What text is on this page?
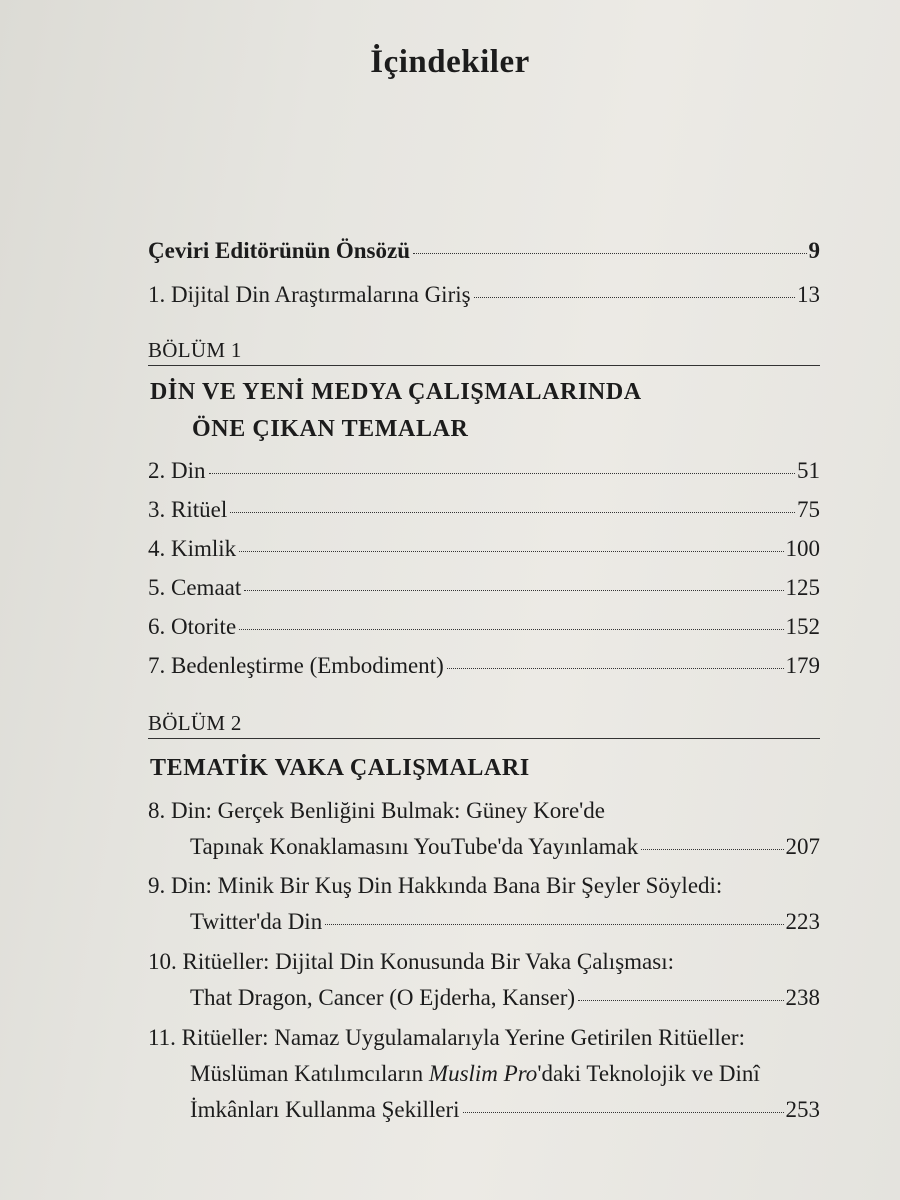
İçindekiler
Çeviri Editörünün Önsözü	9
1. Dijital Din Araştırmalarına Giriş	13
BÖLÜM 1
DİN VE YENİ MEDYA ÇALIŞMALARINDA
ÖNE ÇIKAN TEMALAR
2. Din	51
3. Ritüel	75
4. Kimlik	100
5. Cemaat	125
6. Otorite	152
7. Bedenleştirme (Embodiment)	179
BÖLÜM 2
TEMATİK VAKA ÇALIŞMALARI
8. Din: Gerçek Benliğini Bulmak: Güney Kore'de
Tapınak Konaklamasını YouTube'da Yayınlamak	207
9. Din: Minik Bir Kuş Din Hakkında Bana Bir Şeyler Söyledi:
Twitter'da Din	223
10. Ritüeller: Dijital Din Konusunda Bir Vaka Çalışması:
That Dragon, Cancer (O Ejderha, Kanser)	238
11. Ritüeller: Namaz Uygulamalarıyla Yerine Getirilen Ritüeller:
Müslüman Katılımcıların Muslim Pro'daki Teknolojik ve Dinî
İmkânları Kullanma Şekilleri	253
